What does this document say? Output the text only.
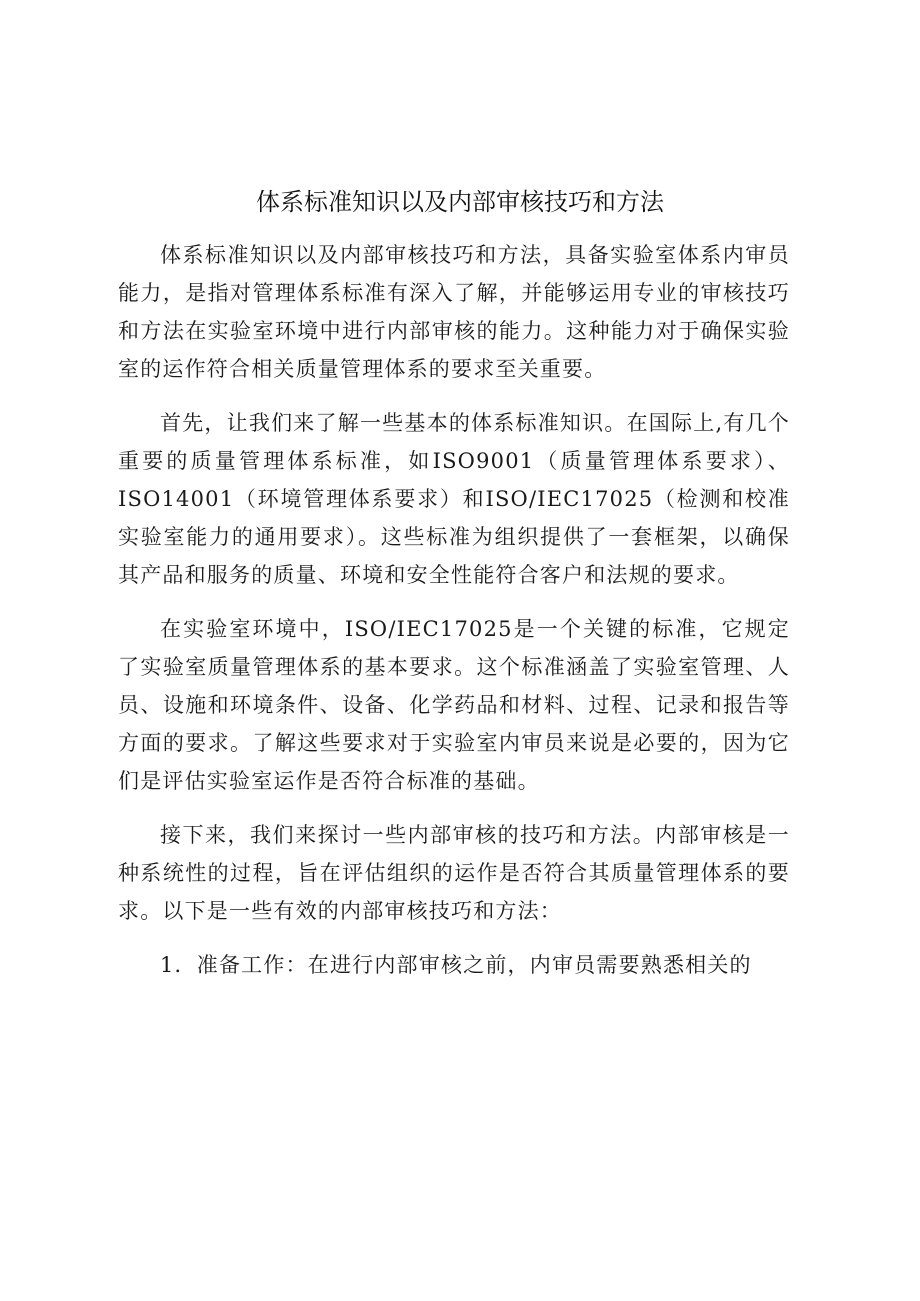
体系标准知识以及内部审核技巧和方法

体系标准知识以及内部审核技巧和方法，具备实验室体系内审员能力，是指对管理体系标准有深入了解，并能够运用专业的审核技巧和方法在实验室环境中进行内部审核的能力。这种能力对于确保实验室的运作符合相关质量管理体系的要求至关重要。

首先，让我们来了解一些基本的体系标准知识。在国际上,有几个重要的质量管理体系标准，如ISO9001（质量管理体系要求）、ISO14001（环境管理体系要求）和ISO/IEC17025（检测和校准实验室能力的通用要求）。这些标准为组织提供了一套框架，以确保其产品和服务的质量、环境和安全性能符合客户和法规的要求。

在实验室环境中，ISO/IEC17025是一个关键的标准，它规定了实验室质量管理体系的基本要求。这个标准涵盖了实验室管理、人员、设施和环境条件、设备、化学药品和材料、过程、记录和报告等方面的要求。了解这些要求对于实验室内审员来说是必要的，因为它们是评估实验室运作是否符合标准的基础。

接下来，我们来探讨一些内部审核的技巧和方法。内部审核是一种系统性的过程，旨在评估组织的运作是否符合其质量管理体系的要求。以下是一些有效的内部审核技巧和方法：

1．准备工作：在进行内部审核之前，内审员需要熟悉相关的
